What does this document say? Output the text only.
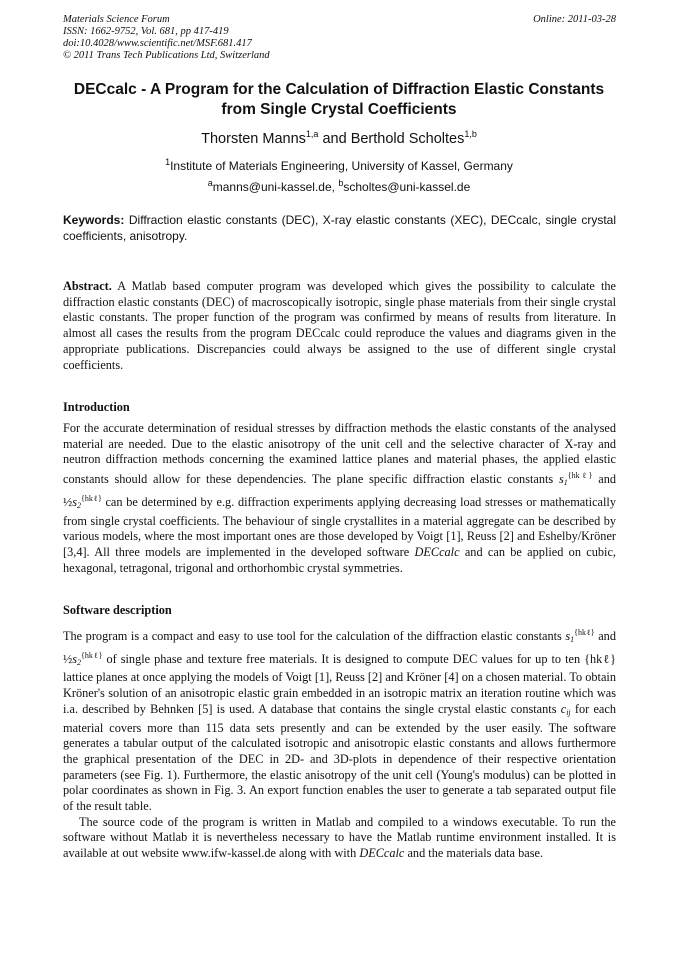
Materials Science Forum
ISSN: 1662-9752, Vol. 681, pp 417-419
doi:10.4028/www.scientific.net/MSF.681.417
© 2011 Trans Tech Publications Ltd, Switzerland
Online: 2011-03-28
DECcalc - A Program for the Calculation of Diffraction Elastic Constants
from Single Crystal Coefficients
Thorsten Manns$^{1,a}$ and Berthold Scholtes$^{1,b}$
$^1$Institute of Materials Engineering, University of Kassel, Germany
$^a$manns@uni-kassel.de, $^b$scholtes@uni-kassel.de
Keywords: Diffraction elastic constants (DEC), X-ray elastic constants (XEC), DECcalc, single crystal coefficients, anisotropy.
Abstract. A Matlab based computer program was developed which gives the possibility to calculate the diffraction elastic constants (DEC) of macroscopically isotropic, single phase materials from their single crystal elastic constants. The proper function of the program was confirmed by means of results from literature. In almost all cases the results from the program DECcalc could reproduce the values and diagrams given in the appropriate publications. Discrepancies could always be assigned to the use of different single crystal coefficients.
Introduction
For the accurate determination of residual stresses by diffraction methods the elastic constants of the analysed material are needed. Due to the elastic anisotropy of the unit cell and the selective character of X-ray and neutron diffraction methods concerning the examined lattice planes and material phases, the applied elastic constants should allow for these dependencies. The plane specific diffraction elastic constants $s_1^{\{hk\ell\}}$ and $\frac{1}{2}s_2^{\{hk\ell\}}$ can be determined by e.g. diffraction experiments applying decreasing load stresses or mathematically from single crystal coefficients. The behaviour of single crystallites in a material aggregate can be described by various models, where the most important ones are those developed by Voigt [1], Reuss [2] and Eshelby/Kröner [3,4]. All three models are implemented in the developed software DECcalc and can be applied on cubic, hexagonal, tetragonal, trigonal and orthorhombic crystal symmetries.
Software description
The program is a compact and easy to use tool for the calculation of the diffraction elastic constants $s_1^{\{hk\ell\}}$ and $\frac{1}{2}s_2^{\{hk\ell\}}$ of single phase and texture free materials. It is designed to compute DEC values for up to ten {hkℓ} lattice planes at once applying the models of Voigt [1], Reuss [2] and Kröner [4] on a chosen material. To obtain Kröner's solution of an anisotropic elastic grain embedded in an isotropic matrix an iteration routine which was i.a. described by Behnken [5] is used. A database that contains the single crystal elastic constants $c_{ij}$ for each material covers more than 115 data sets presently and can be extended by the user easily. The software generates a tabular output of the calculated isotropic and anisotropic elastic constants and allows furthermore the graphical presentation of the DEC in 2D- and 3D-plots in dependence of their respective orientation parameters (see Fig. 1). Furthermore, the elastic anisotropy of the unit cell (Young's modulus) can be plotted in polar coordinates as shown in Fig. 3. An export function enables the user to generate a tab separated output file of the result table.
The source code of the program is written in Matlab and compiled to a windows executable. To run the software without Matlab it is nevertheless necessary to have the Matlab runtime environment installed. It is available at out website www.ifw-kassel.de along with with DECcalc and the materials data base.
